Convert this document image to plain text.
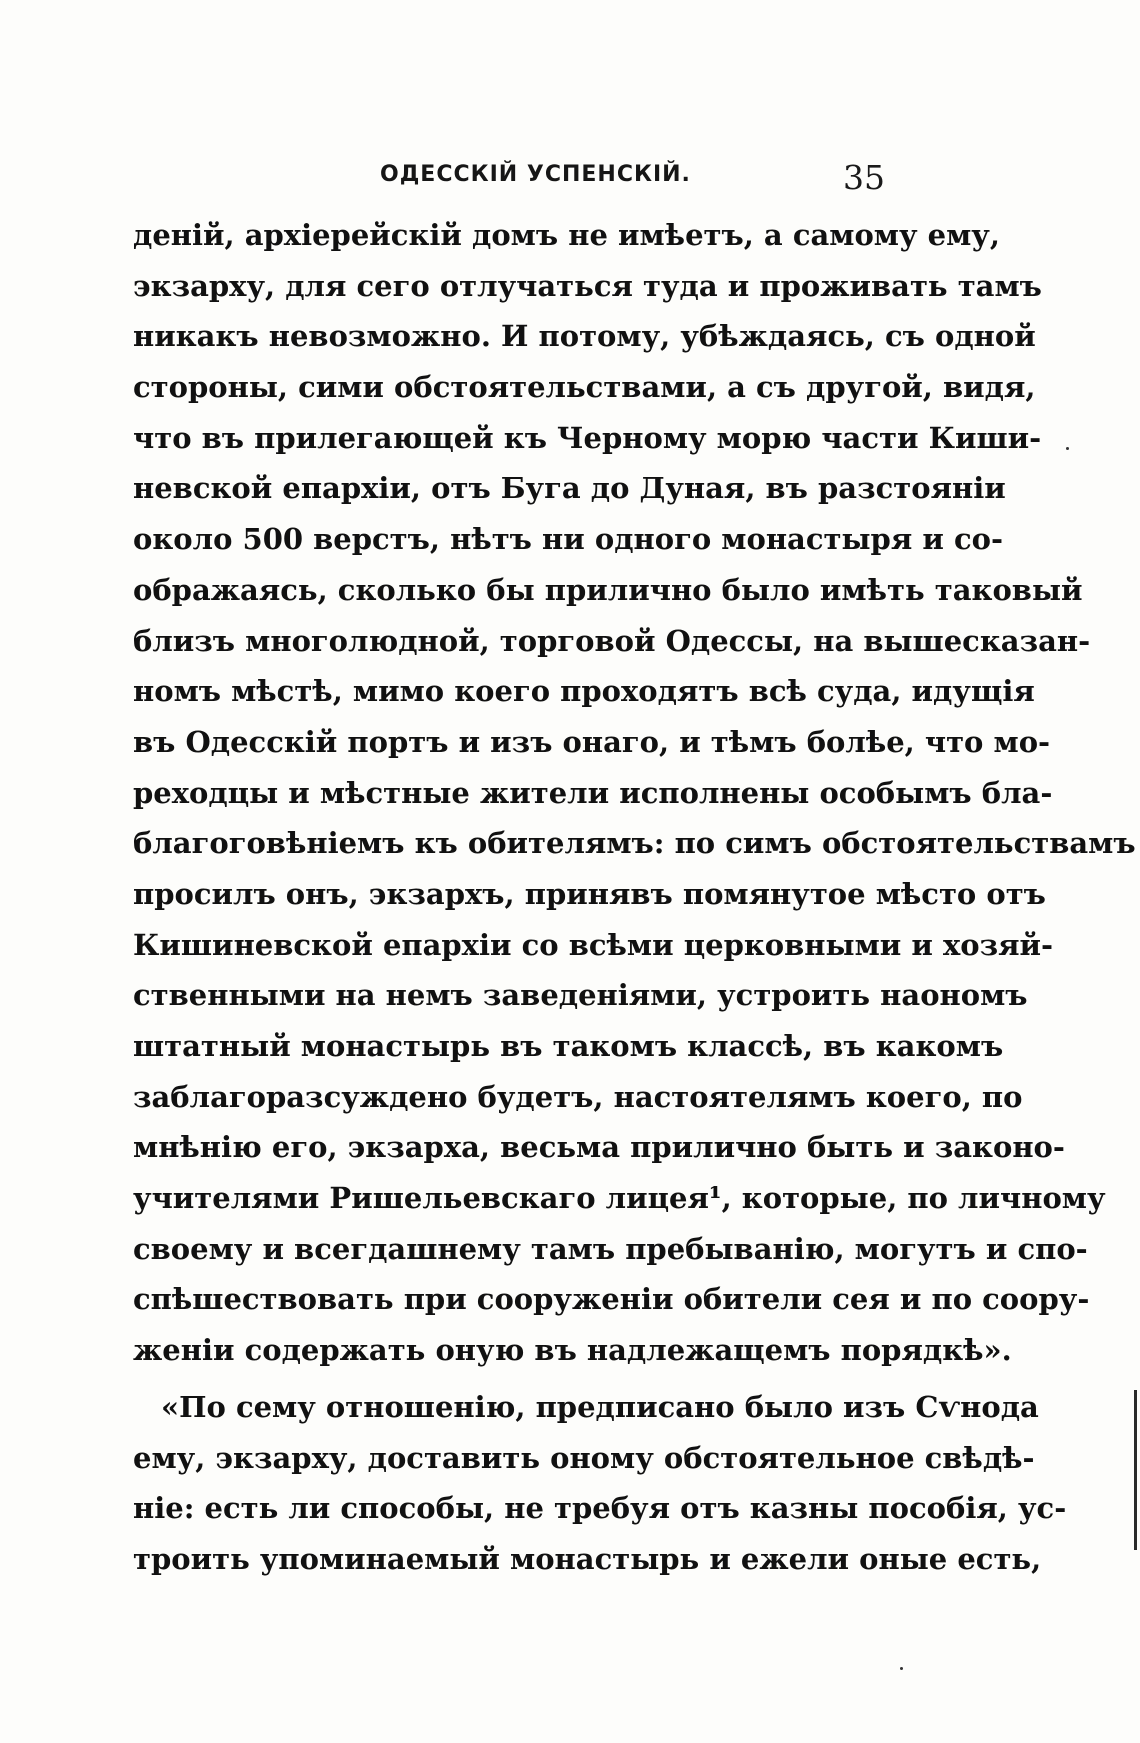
ОДЕССКІЙ УСПЕНСКІЙ.	35
деній, архіерейскій домъ не имѣетъ, а самому ему,
экзарху, для сего отлучаться туда и проживать тамъ
никакъ невозможно. И потому, убѣждаясь, съ одной
стороны, сими обстоятельствами, а съ другой, видя,
что въ прилегающей къ Черному морю части Киши-
невской епархіи, отъ Буга до Дуная, въ разстояніи
около 500 верстъ, нѣтъ ни одного монастыря и со-
ображаясь, сколько бы прилично было имѣть таковый
близъ многолюдной, торговой Одессы, на вышесказан-
номъ мѣстѣ, мимо коего проходятъ всѣ суда, идущія
въ Одесскій портъ и изъ онаго, и тѣмъ болѣе, что мо-
реходцы и мѣстные жители исполнены особымъ бла-
благоговѣніемъ къ обителямъ: по симъ обстоятельствамъ
просилъ онъ, экзархъ, принявъ помянутое мѣсто отъ
Кишиневской епархіи со всѣми церковными и хозяй-
ственными на немъ заведеніями, устроить наономъ
штатный монастырь въ такомъ классѣ, въ какомъ
заблагоразсуждено будетъ, настоятелямъ коего, по
мнѣнію его, экзарха, весьма прилично быть и законо-
учителями Ришельевскаго лицея¹, которые, по личному
своему и всегдашнему тамъ пребыванію, могутъ и спо-
спѣшествовать при сооруженіи обители сея и по соору-
женіи содержать оную въ надлежащемъ порядкѣ».
«По сему отношенію, предписано было изъ Сѵнода
ему, экзарху, доставить оному обстоятельное свѣдѣ-
ніе: есть ли способы, не требуя отъ казны пособія, ус-
троить упоминаемый монастырь и ежели оные есть,
